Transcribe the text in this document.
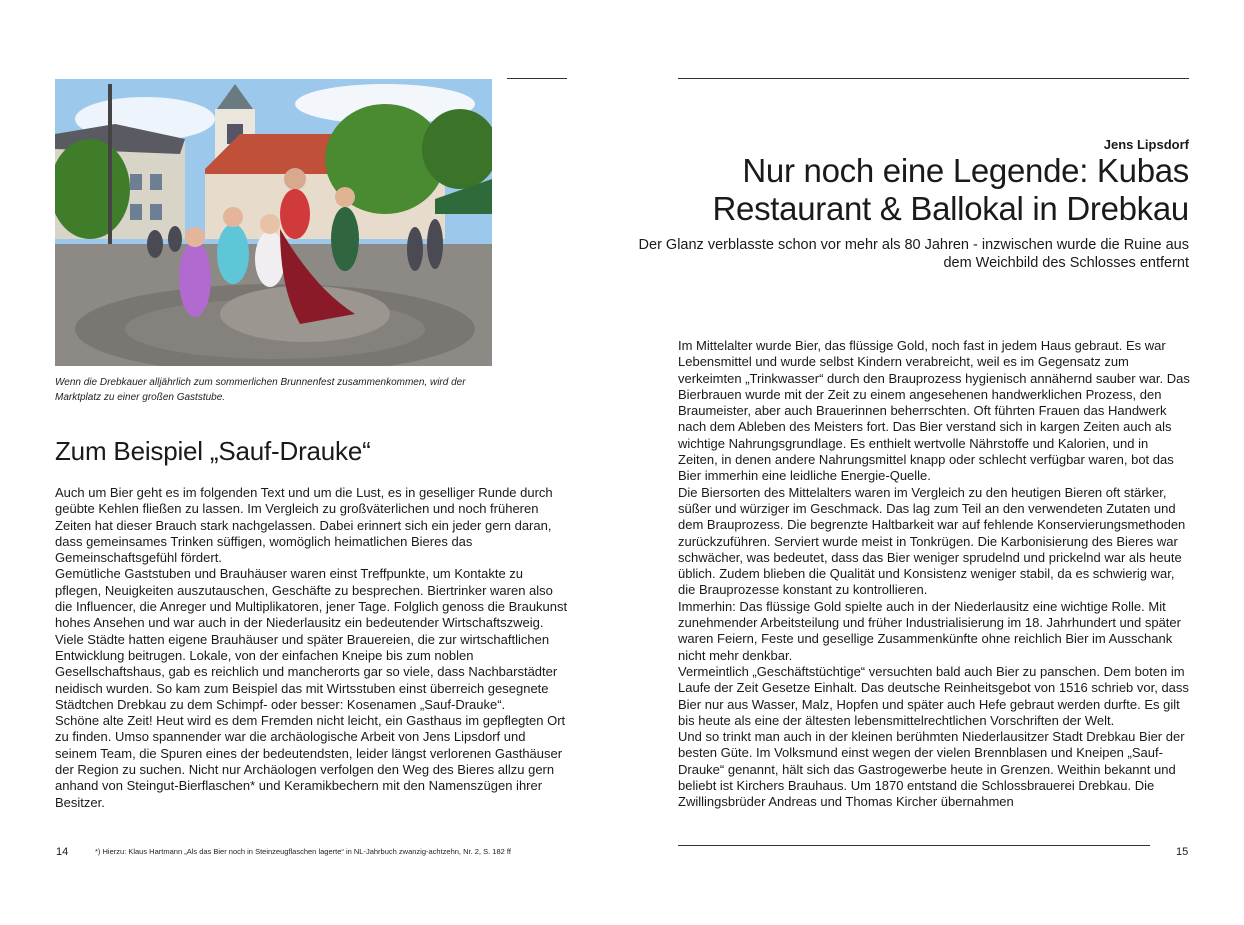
Wenn die Drebkauer alljährlich zum sommerlichen Brunnenfest zusammenkommen, wird der Marktplatz zu einer großen Gaststube.
Zum Beispiel „Sauf-Drauke“

Auch um Bier geht es im folgenden Text und um die Lust, es in geselliger Runde durch geübte Kehlen fließen zu lassen. Im Vergleich zu großväterlichen und noch früheren Zeiten hat dieser Brauch stark nachgelassen. Dabei erinnert sich ein jeder gern daran, dass gemeinsames Trinken süffigen, womöglich heimatlichen Bieres das Gemeinschaftsgefühl fördert.

Gemütliche Gaststuben und Brauhäuser waren einst Treffpunkte, um Kontakte zu pflegen, Neuigkeiten auszutauschen, Geschäfte zu besprechen. Biertrinker waren also die Influencer, die Anreger und Multiplikatoren, jener Tage. Folglich genoss die Braukunst hohes Ansehen und war auch in der Niederlausitz ein bedeutender Wirtschaftszweig. Viele Städte hatten eigene Brauhäuser und später Brauereien, die zur wirtschaftlichen Entwicklung beitrugen. Lokale, von der einfachen Kneipe bis zum noblen Gesellschaftshaus, gab es reichlich und mancherorts gar so viele, dass Nachbarstädter neidisch wurden. So kam zum Beispiel das mit Wirtsstuben einst überreich gesegnete Städtchen Drebkau zu dem Schimpf- oder besser: Kosenamen „Sauf-Drauke“.

Schöne alte Zeit! Heut wird es dem Fremden nicht leicht, ein Gasthaus im gepflegten Ort zu finden. Umso spannender war die archäologische Arbeit von Jens Lipsdorf und seinem Team, die Spuren eines der bedeutendsten, leider längst verlorenen Gasthäuser der Region zu suchen. Nicht nur Archäologen verfolgen den Weg des Bieres allzu gern anhand von Steingut-Bierflaschen* und Keramikbechern mit den Namenszügen ihrer Besitzer.

14	*) Hierzu: Klaus Hartmann „Als das Bier noch in Steinzeugflaschen lagerte“ in NL-Jahrbuch zwanzig-achtzehn, Nr. 2, S. 182 ff
Jens Lipsdorf
Nur noch eine Legende: Kubas Restaurant & Ballokal in Drebkau
Der Glanz verblasste schon vor mehr als 80 Jahren - inzwischen wurde die Ruine aus dem Weichbild des Schlosses entfernt

Im Mittelalter wurde Bier, das flüssige Gold, noch fast in jedem Haus gebraut. Es war Lebensmittel und wurde selbst Kindern verabreicht, weil es im Gegensatz zum verkeimten „Trinkwasser“ durch den Brauprozess hygienisch annähernd sauber war. Das Bierbrauen wurde mit der Zeit zu einem angesehenen handwerklichen Prozess, den Braumeister, aber auch Brauerinnen beherrschten. Oft führten Frauen das Handwerk nach dem Ableben des Meisters fort. Das Bier verstand sich in kargen Zeiten auch als wichtige Nahrungsgrundlage. Es enthielt wertvolle Nährstoffe und Kalorien, und in Zeiten, in denen andere Nahrungsmittel knapp oder schlecht verfügbar waren, bot das Bier immerhin eine leidliche Energie-Quelle.

Die Biersorten des Mittelalters waren im Vergleich zu den heutigen Bieren oft stärker, süßer und würziger im Geschmack. Das lag zum Teil an den verwendeten Zutaten und dem Brauprozess. Die begrenzte Haltbarkeit war auf fehlende Konservierungsmethoden zurückzuführen. Serviert wurde meist in Tonkrügen. Die Karbonisierung des Bieres war schwächer, was bedeutet, dass das Bier weniger sprudelnd und prickelnd war als heute üblich. Zudem blieben die Qualität und Konsistenz weniger stabil, da es schwierig war, die Brauprozesse konstant zu kontrollieren.

Immerhin: Das flüssige Gold spielte auch in der Niederlausitz eine wichtige Rolle. Mit zunehmender Arbeitsteilung und früher Industrialisierung im 18. Jahrhundert und später waren Feiern, Feste und gesellige Zusammenkünfte ohne reichlich Bier im Ausschank nicht mehr denkbar.

Vermeintlich „Geschäftstüchtige“ versuchten bald auch Bier zu panschen. Dem boten im Laufe der Zeit Gesetze Einhalt. Das deutsche Reinheitsgebot von 1516 schrieb vor, dass Bier nur aus Wasser, Malz, Hopfen und später auch Hefe gebraut werden durfte. Es gilt bis heute als eine der ältesten lebensmittelrechtlichen Vorschriften der Welt.

Und so trinkt man auch in der kleinen berühmten Niederlausitzer Stadt Drebkau Bier der besten Güte. Im Volksmund einst wegen der vielen Brennblasen und Kneipen „Sauf-Drauke“ genannt, hält sich das Gastrogewerbe heute in Grenzen. Weithin bekannt und beliebt ist Kirchers Brauhaus. Um 1870 entstand die Schlossbrauerei Drebkau. Die Zwillingsbrüder Andreas und Thomas Kircher übernahmen

15
